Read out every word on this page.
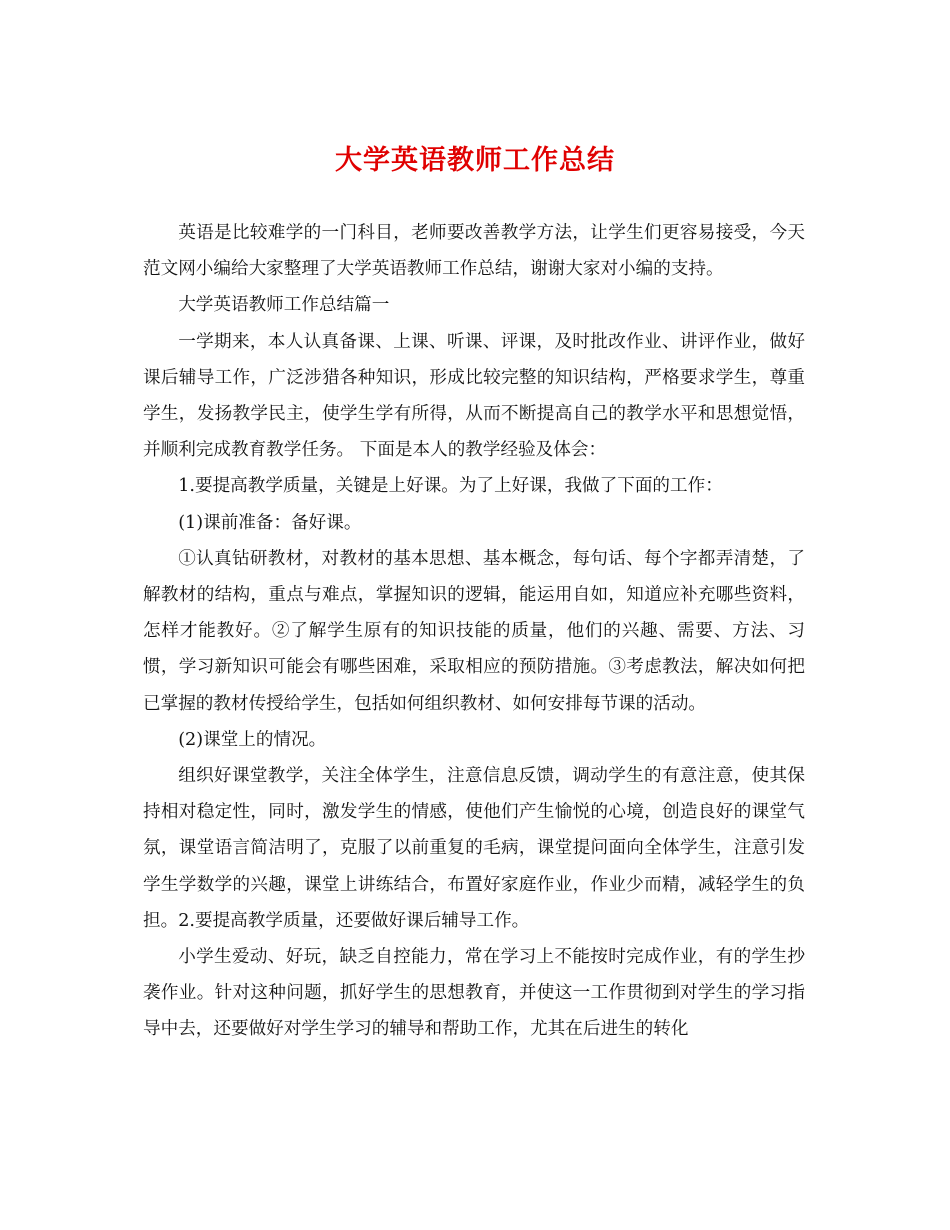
大学英语教师工作总结

英语是比较难学的一门科目，老师要改善教学方法，让学生们更容易接受，今天范文网小编给大家整理了大学英语教师工作总结，谢谢大家对小编的支持。

大学英语教师工作总结篇一

一学期来，本人认真备课、上课、听课、评课，及时批改作业、讲评作业，做好课后辅导工作，广泛涉猎各种知识，形成比较完整的知识结构，严格要求学生，尊重学生，发扬教学民主，使学生学有所得，从而不断提高自己的教学水平和思想觉悟，并顺利完成教育教学任务。 下面是本人的教学经验及体会：

1.要提高教学质量，关键是上好课。为了上好课，我做了下面的工作：

(1)课前准备：备好课。

①认真钻研教材，对教材的基本思想、基本概念，每句话、每个字都弄清楚，了解教材的结构，重点与难点，掌握知识的逻辑，能运用自如，知道应补充哪些资料，怎样才能教好。②了解学生原有的知识技能的质量，他们的兴趣、需要、方法、习惯，学习新知识可能会有哪些困难，采取相应的预防措施。③考虑教法，解决如何把已掌握的教材传授给学生，包括如何组织教材、如何安排每节课的活动。

(2)课堂上的情况。

组织好课堂教学，关注全体学生，注意信息反馈，调动学生的有意注意，使其保持相对稳定性，同时，激发学生的情感，使他们产生愉悦的心境，创造良好的课堂气氛，课堂语言简洁明了，克服了以前重复的毛病，课堂提问面向全体学生，注意引发学生学数学的兴趣，课堂上讲练结合，布置好家庭作业，作业少而精，减轻学生的负担。2.要提高教学质量，还要做好课后辅导工作。

小学生爱动、好玩，缺乏自控能力，常在学习上不能按时完成作业，有的学生抄袭作业。针对这种问题，抓好学生的思想教育，并使这一工作贯彻到对学生的学习指导中去，还要做好对学生学习的辅导和帮助工作，尤其在后进生的转化
